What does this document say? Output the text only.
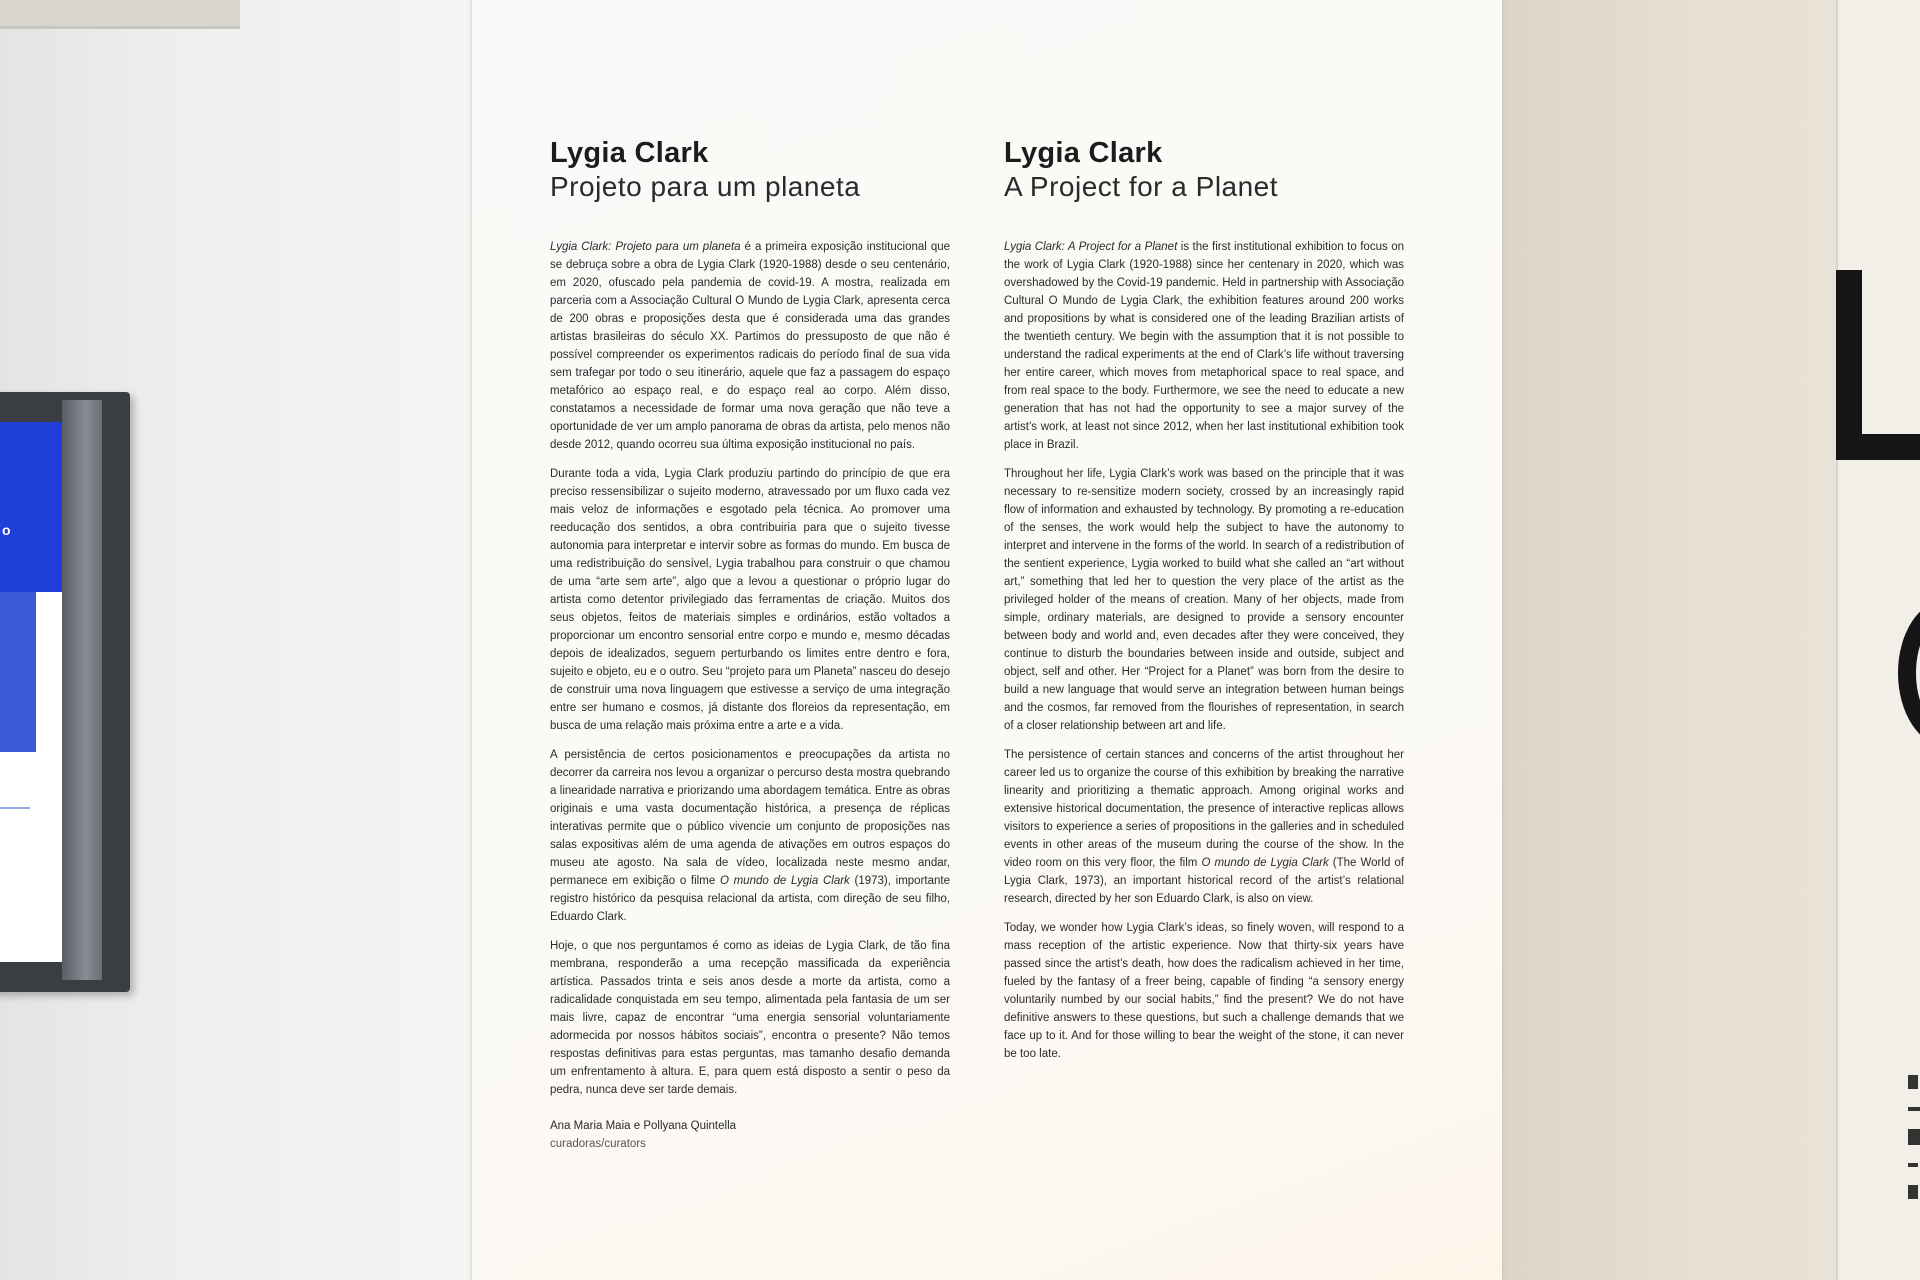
o
Lygia Clark
Projeto para um planeta

Lygia Clark: Projeto para um planeta é a primeira exposição institucional que se debruça sobre a obra de Lygia Clark (1920-1988) desde o seu centenário, em 2020, ofuscado pela pandemia de covid-19. A mostra, realizada em parceria com a Associação Cultural O Mundo de Lygia Clark, apresenta cerca de 200 obras e proposições desta que é considerada uma das grandes artistas brasileiras do século XX. Partimos do pressuposto de que não é possível compreender os experimentos radicais do período final de sua vida sem trafegar por todo o seu itinerário, aquele que faz a passagem do espaço metafórico ao espaço real, e do espaço real ao corpo. Além disso, constatamos a necessidade de formar uma nova geração que não teve a oportunidade de ver um amplo panorama de obras da artista, pelo menos não desde 2012, quando ocorreu sua última exposição institucional no país.

Durante toda a vida, Lygia Clark produziu partindo do princípio de que era preciso ressensibilizar o sujeito moderno, atravessado por um fluxo cada vez mais veloz de informações e esgotado pela técnica. Ao promover uma reeducação dos sentidos, a obra contribuiria para que o sujeito tivesse autonomia para interpretar e intervir sobre as formas do mundo. Em busca de uma redistribuição do sensível, Lygia trabalhou para construir o que chamou de uma “arte sem arte”, algo que a levou a questionar o próprio lugar do artista como detentor privilegiado das ferramentas de criação. Muitos dos seus objetos, feitos de materiais simples e ordinários, estão voltados a proporcionar um encontro sensorial entre corpo e mundo e, mesmo décadas depois de idealizados, seguem perturbando os limites entre dentro e fora, sujeito e objeto, eu e o outro. Seu “projeto para um Planeta” nasceu do desejo de construir uma nova linguagem que estivesse a serviço de uma integração entre ser humano e cosmos, já distante dos floreios da representação, em busca de uma relação mais próxima entre a arte e a vida.

A persistência de certos posicionamentos e preocupações da artista no decorrer da carreira nos levou a organizar o percurso desta mostra quebrando a linearidade narrativa e priorizando uma abordagem temática. Entre as obras originais e uma vasta documentação histórica, a presença de réplicas interativas permite que o público vivencie um conjunto de proposições nas salas expositivas além de uma agenda de ativações em outros espaços do museu ate agosto. Na sala de vídeo, localizada neste mesmo andar, permanece em exibição o filme O mundo de Lygia Clark (1973), importante registro histórico da pesquisa relacional da artista, com direção de seu filho, Eduardo Clark.

Hoje, o que nos perguntamos é como as ideias de Lygia Clark, de tão fina membrana, responderão a uma recepção massificada da experiência artística. Passados trinta e seis anos desde a morte da artista, como a radicalidade conquistada em seu tempo, alimentada pela fantasia de um ser mais livre, capaz de encontrar “uma energia sensorial voluntariamente adormecida por nossos hábitos sociais”, encontra o presente? Não temos respostas definitivas para estas perguntas, mas tamanho desafio demanda um enfrentamento à altura. E, para quem está disposto a sentir o peso da pedra, nunca deve ser tarde demais.

Ana Maria Maia e Pollyana Quintella
curadoras/curators
Lygia Clark
A Project for a Planet

Lygia Clark: A Project for a Planet is the first institutional exhibition to focus on the work of Lygia Clark (1920-1988) since her centenary in 2020, which was overshadowed by the Covid-19 pandemic. Held in partnership with Associação Cultural O Mundo de Lygia Clark, the exhibition features around 200 works and propositions by what is considered one of the leading Brazilian artists of the twentieth century. We begin with the assumption that it is not possible to understand the radical experiments at the end of Clark’s life without traversing her entire career, which moves from metaphorical space to real space, and from real space to the body. Furthermore, we see the need to educate a new generation that has not had the opportunity to see a major survey of the artist’s work, at least not since 2012, when her last institutional exhibition took place in Brazil.

Throughout her life, Lygia Clark’s work was based on the principle that it was necessary to re-sensitize modern society, crossed by an increasingly rapid flow of information and exhausted by technology. By promoting a re-education of the senses, the work would help the subject to have the autonomy to interpret and intervene in the forms of the world. In search of a redistribution of the sentient experience, Lygia worked to build what she called an “art without art,” something that led her to question the very place of the artist as the privileged holder of the means of creation. Many of her objects, made from simple, ordinary materials, are designed to provide a sensory encounter between body and world and, even decades after they were conceived, they continue to disturb the boundaries between inside and outside, subject and object, self and other. Her “Project for a Planet” was born from the desire to build a new language that would serve an integration between human beings and the cosmos, far removed from the flourishes of representation, in search of a closer relationship between art and life.

The persistence of certain stances and concerns of the artist throughout her career led us to organize the course of this exhibition by breaking the narrative linearity and prioritizing a thematic approach. Among original works and extensive historical documentation, the presence of interactive replicas allows visitors to experience a series of propositions in the galleries and in scheduled events in other areas of the museum during the course of the show. In the video room on this very floor, the film O mundo de Lygia Clark (The World of Lygia Clark, 1973), an important historical record of the artist’s relational research, directed by her son Eduardo Clark, is also on view.

Today, we wonder how Lygia Clark’s ideas, so finely woven, will respond to a mass reception of the artistic experience. Now that thirty-six years have passed since the artist’s death, how does the radicalism achieved in her time, fueled by the fantasy of a freer being, capable of finding “a sensory energy voluntarily numbed by our social habits,” find the present? We do not have definitive answers to these questions, but such a challenge demands that we face up to it. And for those willing to bear the weight of the stone, it can never be too late.
